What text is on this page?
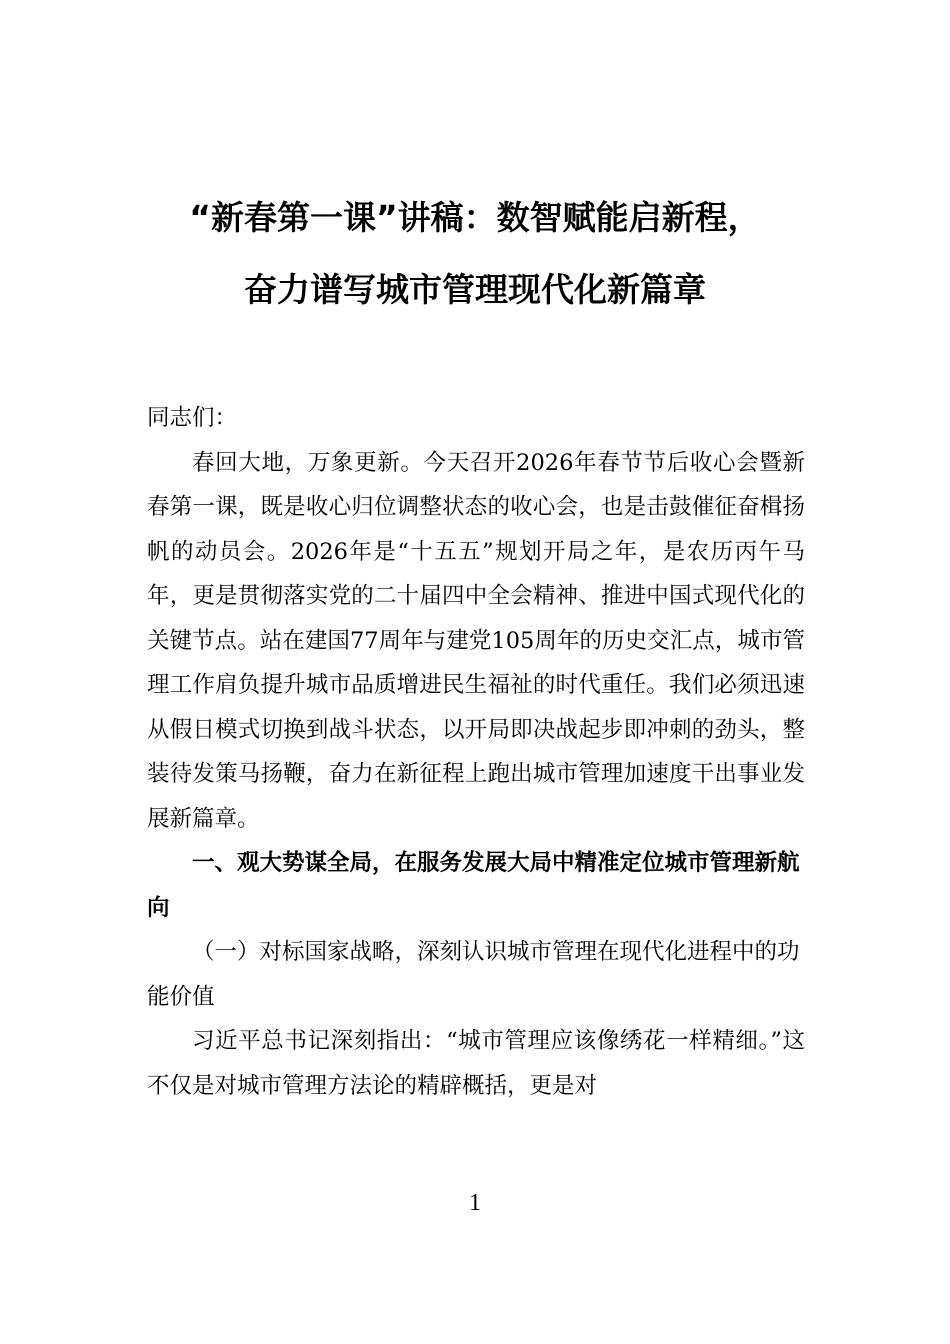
“新春第一课”讲稿：数智赋能启新程，
奋力谱写城市管理现代化新篇章

同志们：

春回大地，万象更新。今天召开2026年春节节后收心会暨新春第一课，既是收心归位调整状态的收心会，也是击鼓催征奋楫扬帆的动员会。2026年是“十五五”规划开局之年，是农历丙午马年，更是贯彻落实党的二十届四中全会精神、推进中国式现代化的关键节点。站在建国77周年与建党105周年的历史交汇点，城市管理工作肩负提升城市品质增进民生福祉的时代重任。我们必须迅速从假日模式切换到战斗状态，以开局即决战起步即冲刺的劲头，整装待发策马扬鞭，奋力在新征程上跑出城市管理加速度干出事业发展新篇章。

一、观大势谋全局，在服务发展大局中精准定位城市管理新航向

（一）对标国家战略，深刻认识城市管理在现代化进程中的功能价值

习近平总书记深刻指出：“城市管理应该像绣花一样精细。”这不仅是对城市管理方法论的精辟概括，更是对

1
